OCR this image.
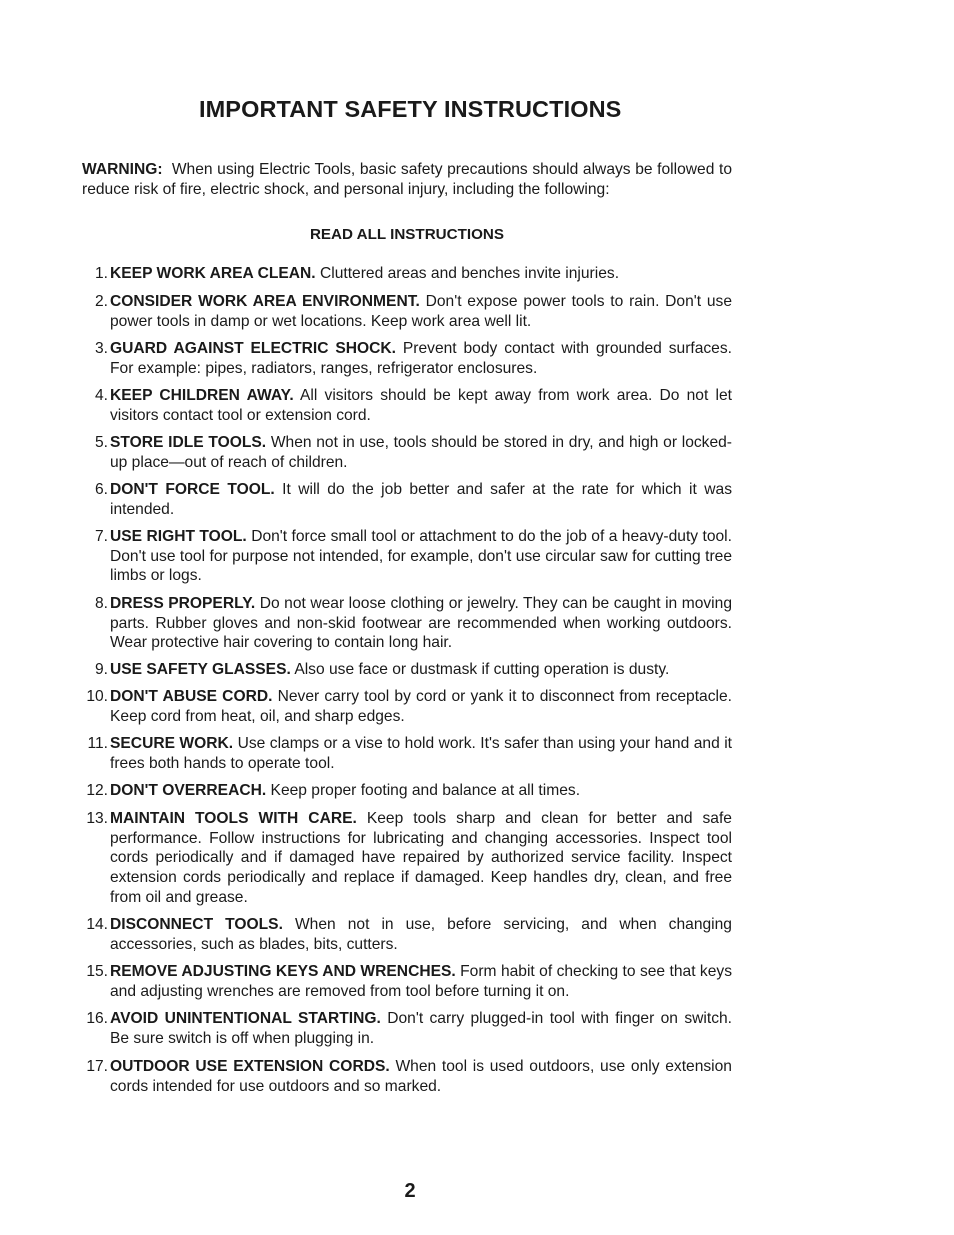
IMPORTANT SAFETY INSTRUCTIONS

WARNING: When using Electric Tools, basic safety precautions should always be followed to reduce risk of fire, electric shock, and personal injury, including the following:

READ ALL INSTRUCTIONS
1. KEEP WORK AREA CLEAN. Cluttered areas and benches invite injuries.
2. CONSIDER WORK AREA ENVIRONMENT. Don't expose power tools to rain. Don't use power tools in damp or wet locations. Keep work area well lit.
3. GUARD AGAINST ELECTRIC SHOCK. Prevent body contact with grounded surfaces. For example: pipes, radiators, ranges, refrigerator enclosures.
4. KEEP CHILDREN AWAY. All visitors should be kept away from work area. Do not let visitors contact tool or extension cord.
5. STORE IDLE TOOLS. When not in use, tools should be stored in dry, and high or locked-up place—out of reach of children.
6. DON'T FORCE TOOL. It will do the job better and safer at the rate for which it was intended.
7. USE RIGHT TOOL. Don't force small tool or attachment to do the job of a heavy-duty tool. Don't use tool for purpose not intended, for example, don't use circular saw for cutting tree limbs or logs.
8. DRESS PROPERLY. Do not wear loose clothing or jewelry. They can be caught in moving parts. Rubber gloves and non-skid footwear are recommended when working outdoors. Wear protective hair covering to contain long hair.
9. USE SAFETY GLASSES. Also use face or dustmask if cutting operation is dusty.
10. DON'T ABUSE CORD. Never carry tool by cord or yank it to disconnect from receptacle. Keep cord from heat, oil, and sharp edges.
11. SECURE WORK. Use clamps or a vise to hold work. It's safer than using your hand and it frees both hands to operate tool.
12. DON'T OVERREACH. Keep proper footing and balance at all times.
13. MAINTAIN TOOLS WITH CARE. Keep tools sharp and clean for better and safe performance. Follow instructions for lubricating and changing accessories. Inspect tool cords periodically and if damaged have repaired by authorized service facility. Inspect extension cords periodically and replace if damaged. Keep handles dry, clean, and free from oil and grease.
14. DISCONNECT TOOLS. When not in use, before servicing, and when changing accessories, such as blades, bits, cutters.
15. REMOVE ADJUSTING KEYS AND WRENCHES. Form habit of checking to see that keys and adjusting wrenches are removed from tool before turning it on.
16. AVOID UNINTENTIONAL STARTING. Don't carry plugged-in tool with finger on switch. Be sure switch is off when plugging in.
17. OUTDOOR USE EXTENSION CORDS. When tool is used outdoors, use only extension cords intended for use outdoors and so marked.
2
